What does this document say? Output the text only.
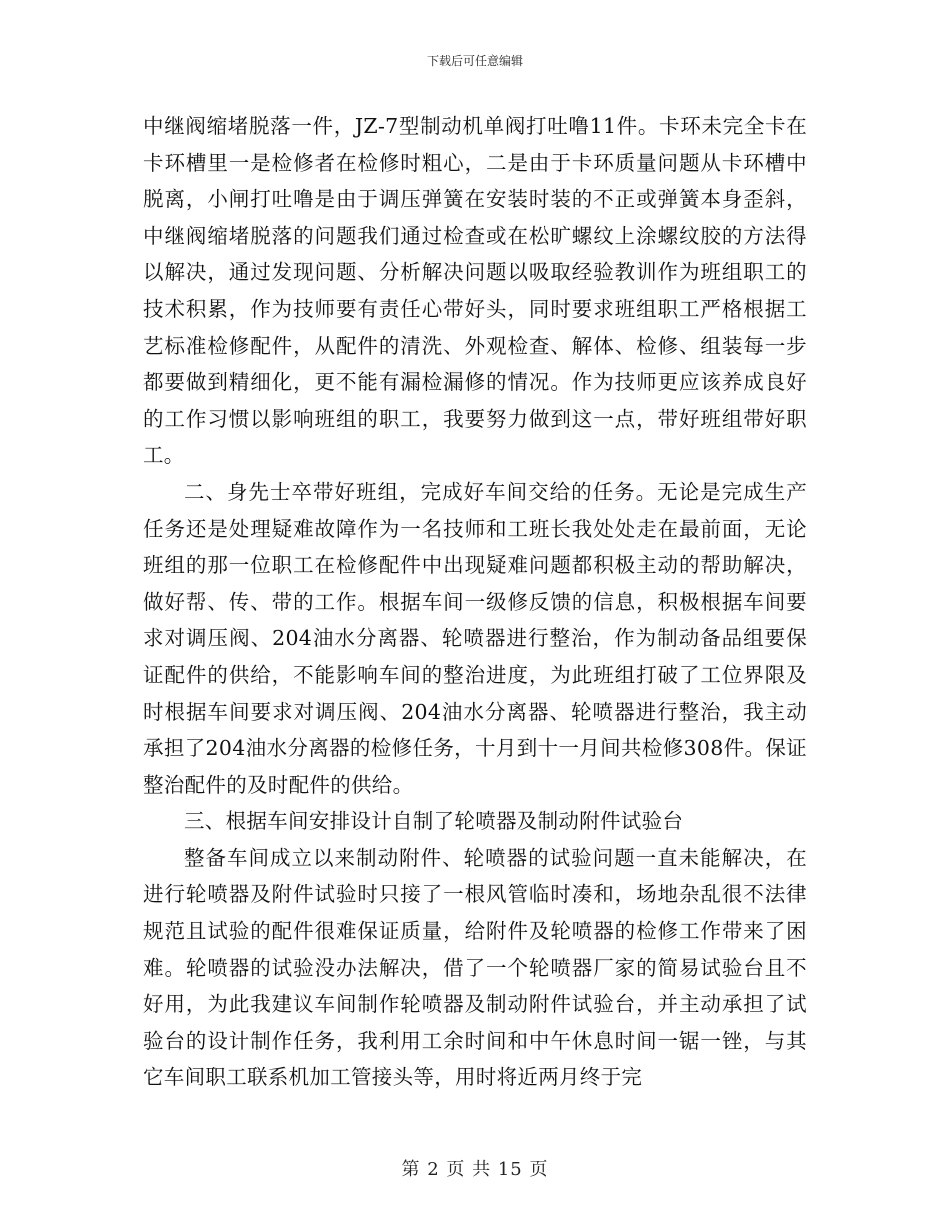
下载后可任意编辑

中继阀缩堵脱落一件，JZ-7型制动机单阀打吐噜11件。卡环未完全卡在卡环槽里一是检修者在检修时粗心，二是由于卡环质量问题从卡环槽中脱离，小闸打吐噜是由于调压弹簧在安装时装的不正或弹簧本身歪斜，中继阀缩堵脱落的问题我们通过检查或在松旷螺纹上涂螺纹胶的方法得以解决，通过发现问题、分析解决问题以吸取经验教训作为班组职工的技术积累，作为技师要有责任心带好头，同时要求班组职工严格根据工艺标准检修配件，从配件的清洗、外观检查、解体、检修、组装每一步都要做到精细化，更不能有漏检漏修的情况。作为技师更应该养成良好的工作习惯以影响班组的职工，我要努力做到这一点，带好班组带好职工。

二、身先士卒带好班组，完成好车间交给的任务。无论是完成生产任务还是处理疑难故障作为一名技师和工班长我处处走在最前面，无论班组的那一位职工在检修配件中出现疑难问题都积极主动的帮助解决，做好帮、传、带的工作。根据车间一级修反馈的信息，积极根据车间要求对调压阀、204油水分离器、轮喷器进行整治，作为制动备品组要保证配件的供给，不能影响车间的整治进度，为此班组打破了工位界限及时根据车间要求对调压阀、204油水分离器、轮喷器进行整治，我主动承担了204油水分离器的检修任务，十月到十一月间共检修308件。保证整治配件的及时配件的供给。

三、根据车间安排设计自制了轮喷器及制动附件试验台

整备车间成立以来制动附件、轮喷器的试验问题一直未能解决，在进行轮喷器及附件试验时只接了一根风管临时凑和，场地杂乱很不法律规范且试验的配件很难保证质量，给附件及轮喷器的检修工作带来了困难。轮喷器的试验没办法解决，借了一个轮喷器厂家的简易试验台且不好用，为此我建议车间制作轮喷器及制动附件试验台，并主动承担了试验台的设计制作任务，我利用工余时间和中午休息时间一锯一锉，与其它车间职工联系机加工管接头等，用时将近两月终于完

第 2 页 共 15 页
